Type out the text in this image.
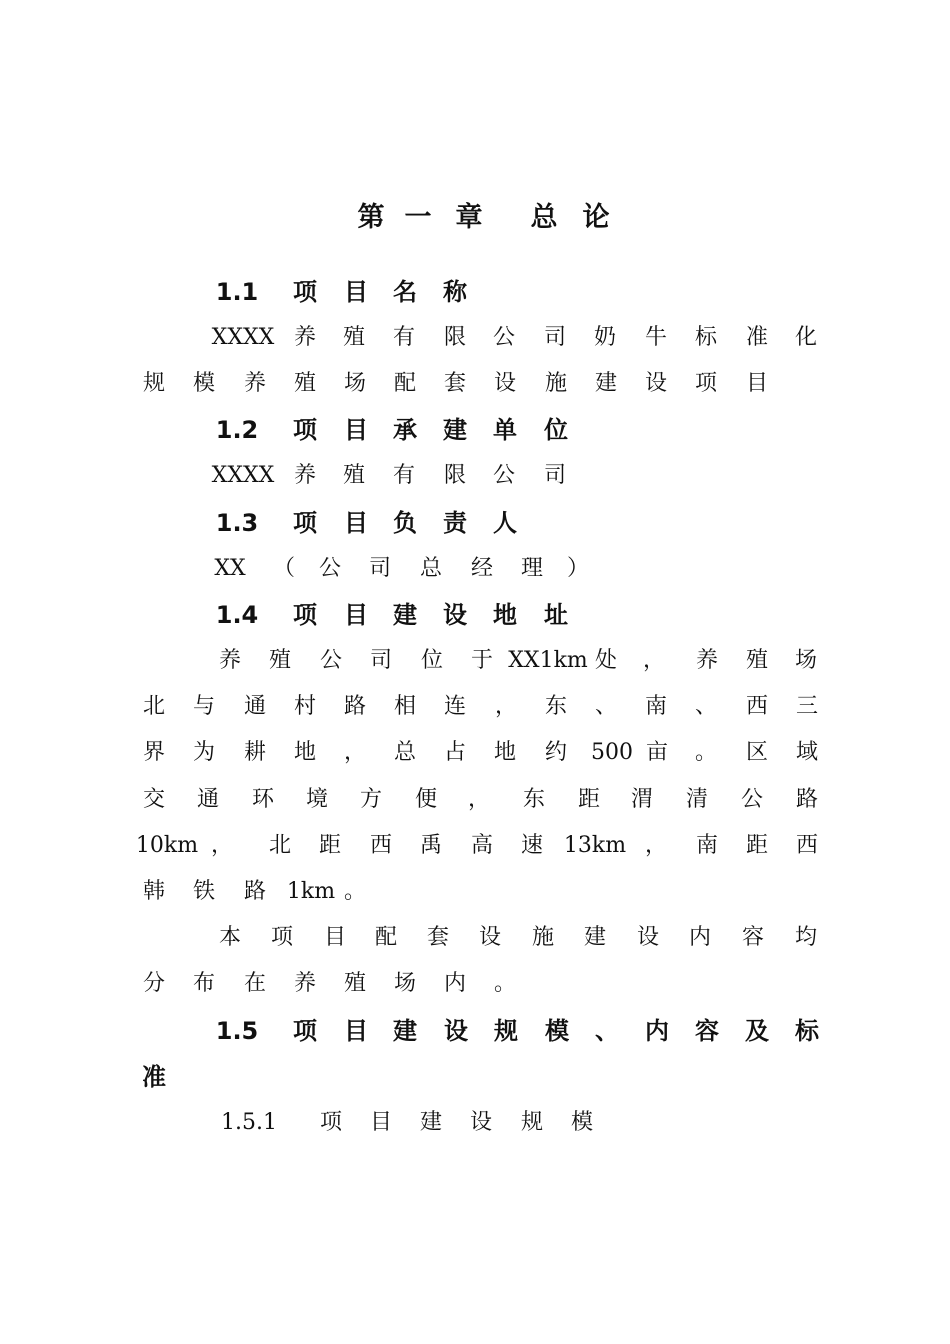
第 一 章 总 论
1.1 项 目 名 称
XXXX 养 殖 有 限 公 司 奶 牛 标 准 化
规 模 养 殖 场 配 套 设 施 建 设 项 目
1.2 项 目 承 建 单 位
XXXX 养 殖 有 限 公 司
1.3 项 目 负 责 人
XX （ 公 司 总 经 理 ）
1.4 项 目 建 设 地 址
养 殖 公 司 位 于 XX1km 处 ， 养 殖 场
北 与 通 村 路 相 连 ， 东 、 南 、 西 三
界 为 耕 地 ， 总 占 地 约 500 亩 。 区 域
交 通 环 境 方 便 ， 东 距 渭 清 公 路
10km ， 北 距 西 禹 高 速 13km ， 南 距 西
韩 铁 路 1km 。
本 项 目 配 套 设 施 建 设 内 容 均
分 布 在 养 殖 场 内 。
1.5 项 目 建 设 规 模 、 内 容 及 标
准
1.5.1 项 目 建 设 规 模
